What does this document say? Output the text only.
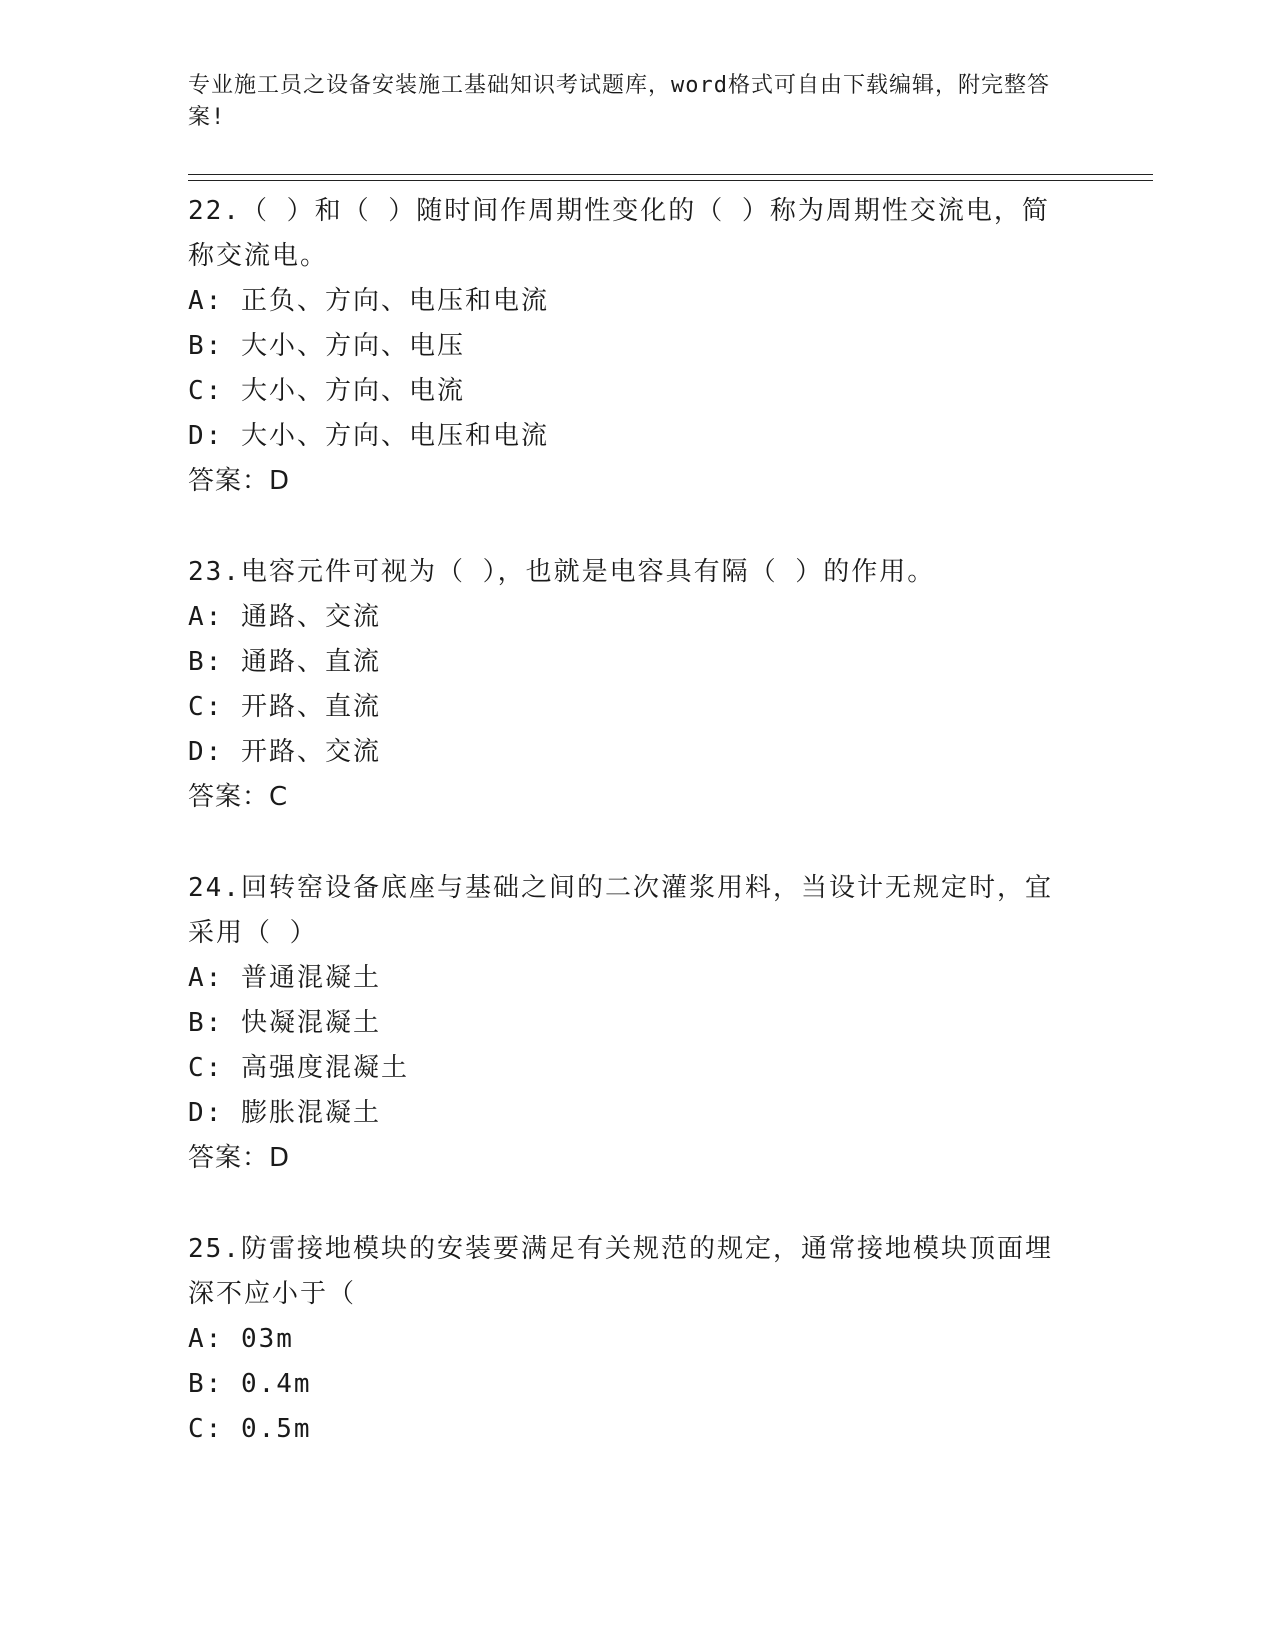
专业施工员之设备安装施工基础知识考试题库，word格式可自由下载编辑，附完整答案!

22.（ ）和（ ）随时间作周期性变化的（ ）称为周期性交流电，简称交流电。

A: 正负、方向、电压和电流

B: 大小、方向、电压

C: 大小、方向、电流

D: 大小、方向、电压和电流

答案：D

23.电容元件可视为（ ），也就是电容具有隔（ ）的作用。

A: 通路、交流

B: 通路、直流

C: 开路、直流

D: 开路、交流

答案：C

24.回转窑设备底座与基础之间的二次灌浆用料，当设计无规定时，宜采用（ ）

A: 普通混凝土

B: 快凝混凝土

C: 高强度混凝土

D: 膨胀混凝土

答案：D

25.防雷接地模块的安装要满足有关规范的规定，通常接地模块顶面埋深不应小于（

A: 03m

B: 0.4m

C: 0.5m
